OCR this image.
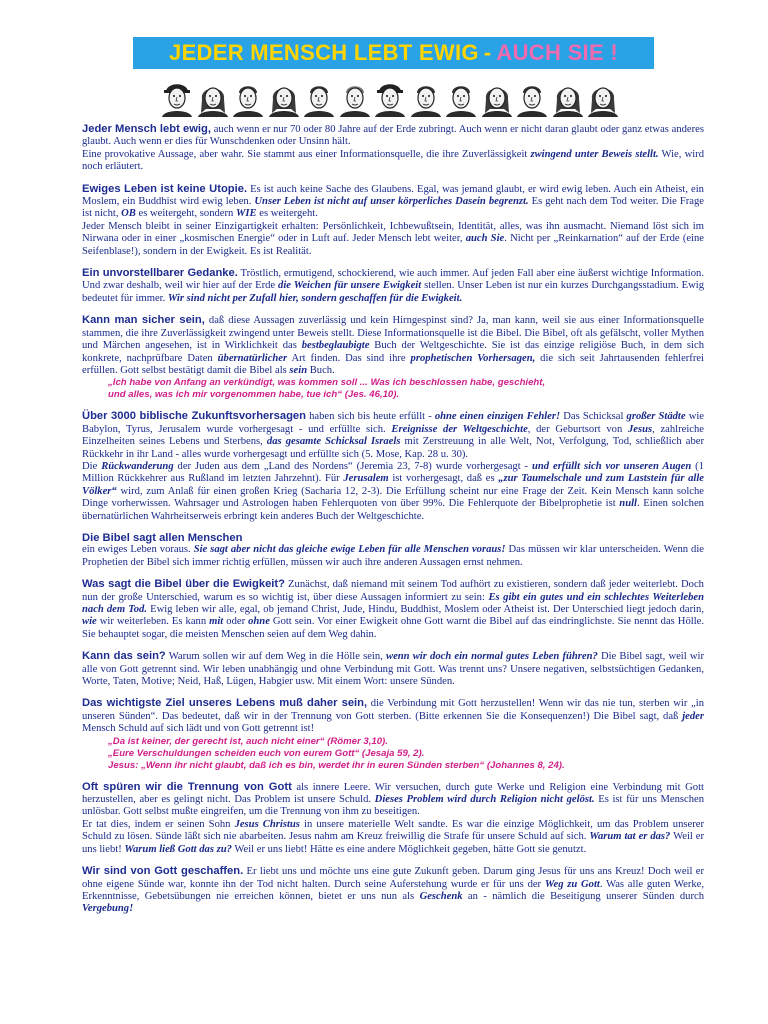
JEDER MENSCH LEBT EWIG - AUCH SIE !

Jeder Mensch lebt ewig, auch wenn er nur 70 oder 80 Jahre auf der Erde zubringt. Auch wenn er nicht daran glaubt oder ganz etwas anderes glaubt. Auch wenn er dies für Wunschdenken oder Unsinn hält.

Eine provokative Aussage, aber wahr. Sie stammt aus einer Informationsquelle, die ihre Zuverlässigkeit zwingend unter Beweis stellt. Wie, wird noch erläutert.

Ewiges Leben ist keine Utopie. Es ist auch keine Sache des Glaubens. Egal, was jemand glaubt, er wird ewig leben. Auch ein Atheist, ein Moslem, ein Buddhist wird ewig leben. Unser Leben ist nicht auf unser körperliches Dasein begrenzt. Es geht nach dem Tod weiter. Die Frage ist nicht, OB es weitergeht, sondern WIE es weitergeht.

Jeder Mensch bleibt in seiner Einzigartigkeit erhalten: Persönlichkeit, Ichbewußtsein, Identität, alles, was ihn ausmacht. Niemand löst sich im Nirwana oder in einer „kosmischen Energie“ oder in Luft auf. Jeder Mensch lebt weiter, auch Sie. Nicht per „Reinkarnation“ auf der Erde (eine Seifenblase!), sondern in der Ewigkeit. Es ist Realität.

Ein unvorstellbarer Gedanke. Tröstlich, ermutigend, schockierend, wie auch immer. Auf jeden Fall aber eine äußerst wichtige Information. Und zwar deshalb, weil wir hier auf der Erde die Weichen für unsere Ewigkeit stellen. Unser Leben ist nur ein kurzes Durchgangsstadium. Ewig bedeutet für immer. Wir sind nicht per Zufall hier, sondern geschaffen für die Ewigkeit.

Kann man sicher sein, daß diese Aussagen zuverlässig und kein Hirngespinst sind? Ja, man kann, weil sie aus einer Informationsquelle stammen, die ihre Zuverlässigkeit zwingend unter Beweis stellt. Diese Informationsquelle ist die Bibel. Die Bibel, oft als gefälscht, voller Mythen und Märchen angesehen, ist in Wirklichkeit das bestbeglaubigte Buch der Weltgeschichte. Sie ist das einzige religiöse Buch, in dem sich konkrete, nachprüfbare Daten übernatürlicher Art finden. Das sind ihre prophetischen Vorhersagen, die sich seit Jahrtausenden fehlerfrei erfüllen. Gott selbst bestätigt damit die Bibel als sein Buch.

„Ich habe von Anfang an verkündigt, was kommen soll ... Was ich beschlossen habe, geschieht,
und alles, was ich mir vorgenommen habe, tue ich“ (Jes. 46,10).

Über 3000 biblische Zukunftsvorhersagen haben sich bis heute erfüllt - ohne einen einzigen Fehler! Das Schicksal großer Städte wie Babylon, Tyrus, Jerusalem wurde vorhergesagt - und erfüllte sich. Ereignisse der Weltgeschichte, der Geburtsort von Jesus, zahlreiche Einzelheiten seines Lebens und Sterbens, das gesamte Schicksal Israels mit Zerstreuung in alle Welt, Not, Verfolgung, Tod, schließlich aber Rückkehr in ihr Land - alles wurde vorhergesagt und erfüllte sich (5. Mose, Kap. 28 u. 30).

Die Rückwanderung der Juden aus dem „Land des Nordens“ (Jeremia 23, 7-8) wurde vorhergesagt - und erfüllt sich vor unseren Augen (1 Million Rückkehrer aus Rußland im letzten Jahrzehnt). Für Jerusalem ist vorhergesagt, daß es „zur Taumelschale und zum Laststein für alle Völker“ wird, zum Anlaß für einen großen Krieg (Sacharia 12, 2-3). Die Erfüllung scheint nur eine Frage der Zeit. Kein Mensch kann solche Dinge vorherwissen. Wahrsager und Astrologen haben Fehlerquoten von über 99%. Die Fehlerquote der Bibelprophetie ist null. Einen solchen übernatürlichen Wahrheitserweis erbringt kein anderes Buch der Weltgeschichte.

Die Bibel sagt allen Menschen

ein ewiges Leben voraus. Sie sagt aber nicht das gleiche ewige Leben für alle Menschen voraus! Das müssen wir klar unterscheiden. Wenn die Prophetien der Bibel sich immer richtig erfüllen, müssen wir auch ihre anderen Aussagen ernst nehmen.

Was sagt die Bibel über die Ewigkeit? Zunächst, daß niemand mit seinem Tod aufhört zu existieren, sondern daß jeder weiterlebt. Doch nun der große Unterschied, warum es so wichtig ist, über diese Aussagen informiert zu sein: Es gibt ein gutes und ein schlechtes Weiterleben nach dem Tod. Ewig leben wir alle, egal, ob jemand Christ, Jude, Hindu, Buddhist, Moslem oder Atheist ist. Der Unterschied liegt jedoch darin, wie wir weiterleben. Es kann mit oder ohne Gott sein. Vor einer Ewigkeit ohne Gott warnt die Bibel auf das eindringlichste. Sie nennt das Hölle. Sie behauptet sogar, die meisten Menschen seien auf dem Weg dahin.

Kann das sein? Warum sollen wir auf dem Weg in die Hölle sein, wenn wir doch ein normal gutes Leben führen? Die Bibel sagt, weil wir alle von Gott getrennt sind. Wir leben unabhängig und ohne Verbindung mit Gott. Was trennt uns? Unsere negativen, selbstsüchtigen Gedanken, Worte, Taten, Motive; Neid, Haß, Lügen, Habgier usw. Mit einem Wort: unsere Sünden.

Das wichtigste Ziel unseres Lebens muß daher sein, die Verbindung mit Gott herzustellen! Wenn wir das nie tun, sterben wir „in unseren Sünden“. Das bedeutet, daß wir in der Trennung von Gott sterben. (Bitte erkennen Sie die Konsequenzen!) Die Bibel sagt, daß jeder Mensch Schuld auf sich lädt und von Gott getrennt ist!

„Da ist keiner, der gerecht ist, auch nicht einer“ (Römer 3,10).
„Eure Verschuldungen scheiden euch von eurem Gott“ (Jesaja 59, 2).
Jesus: „Wenn ihr nicht glaubt, daß ich es bin, werdet ihr in euren Sünden sterben“ (Johannes 8, 24).

Oft spüren wir die Trennung von Gott als innere Leere. Wir versuchen, durch gute Werke und Religion eine Verbindung mit Gott herzustellen, aber es gelingt nicht. Das Problem ist unsere Schuld. Dieses Problem wird durch Religion nicht gelöst. Es ist für uns Menschen unlösbar. Gott selbst mußte eingreifen, um die Trennung von ihm zu beseitigen.

Er tat dies, indem er seinen Sohn Jesus Christus in unsere materielle Welt sandte. Es war die einzige Möglichkeit, um das Problem unserer Schuld zu lösen. Sünde läßt sich nie abarbeiten. Jesus nahm am Kreuz freiwillig die Strafe für unsere Schuld auf sich. Warum tat er das? Weil er uns liebt! Warum ließ Gott das zu? Weil er uns liebt! Hätte es eine andere Möglichkeit gegeben, hätte Gott sie genutzt.

Wir sind von Gott geschaffen. Er liebt uns und möchte uns eine gute Zukunft geben. Darum ging Jesus für uns ans Kreuz! Doch weil er ohne eigene Sünde war, konnte ihn der Tod nicht halten. Durch seine Auferstehung wurde er für uns der Weg zu Gott. Was alle guten Werke, Erkenntnisse, Gebetsübungen nie erreichen können, bietet er uns nun als Geschenk an - nämlich die Beseitigung unserer Sünden durch Vergebung!
